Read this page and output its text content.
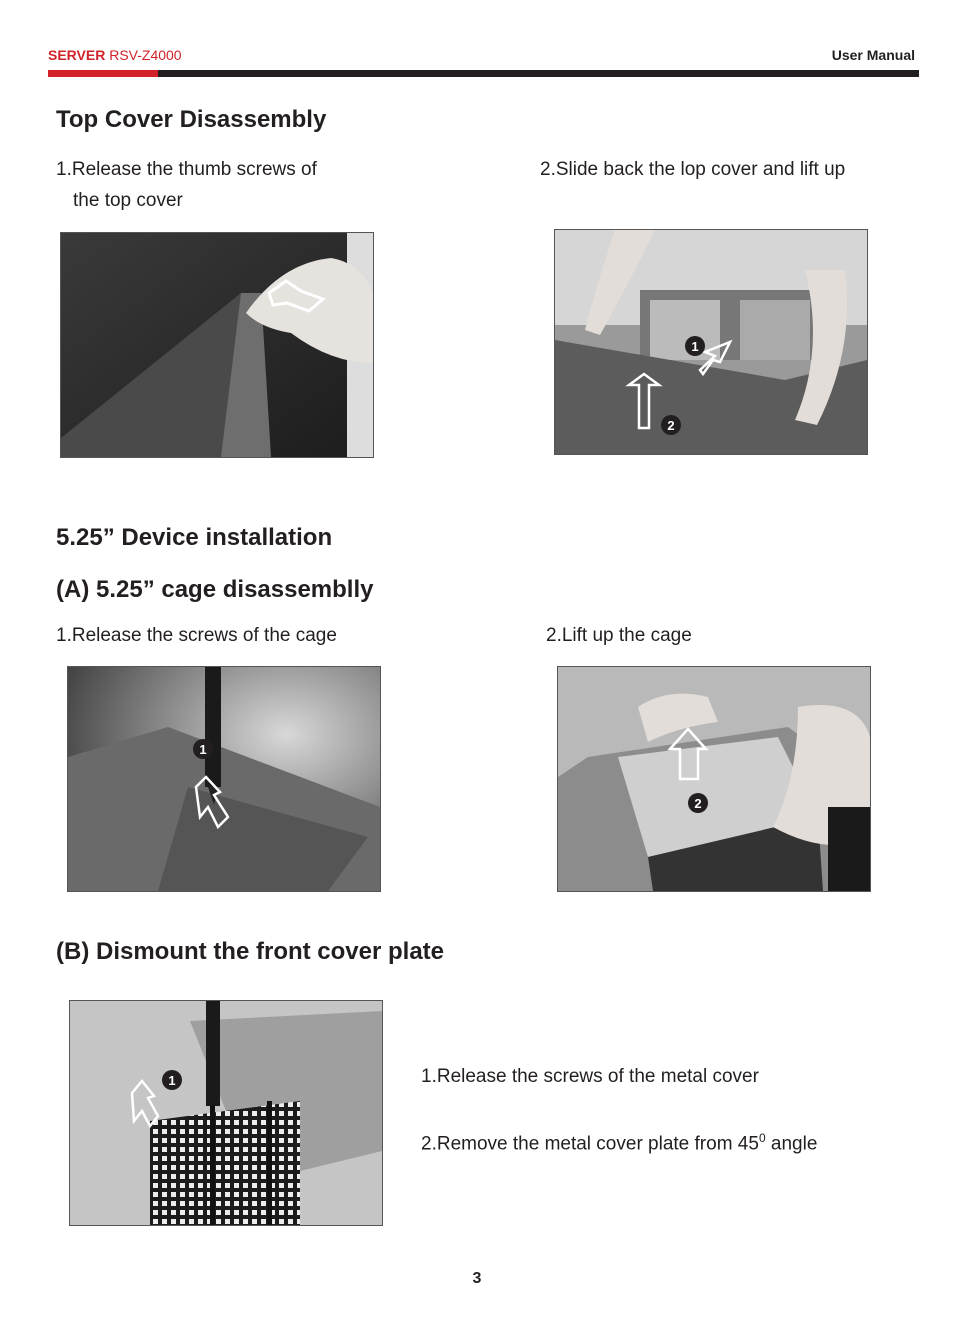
SERVER RSV-Z4000	User Manual
Top Cover Disassembly
1.Release the thumb screws of
the top cover
2.Slide back the lop cover and lift up
1
2
5.25” Device installation
(A) 5.25” cage disassemblly
1.Release the screws of the cage	2.Lift up the cage
1
2
(B) Dismount the front cover plate
1	1.Release the screws of the metal cover
2.Remove the metal cover plate from $45^0$ angle
3
